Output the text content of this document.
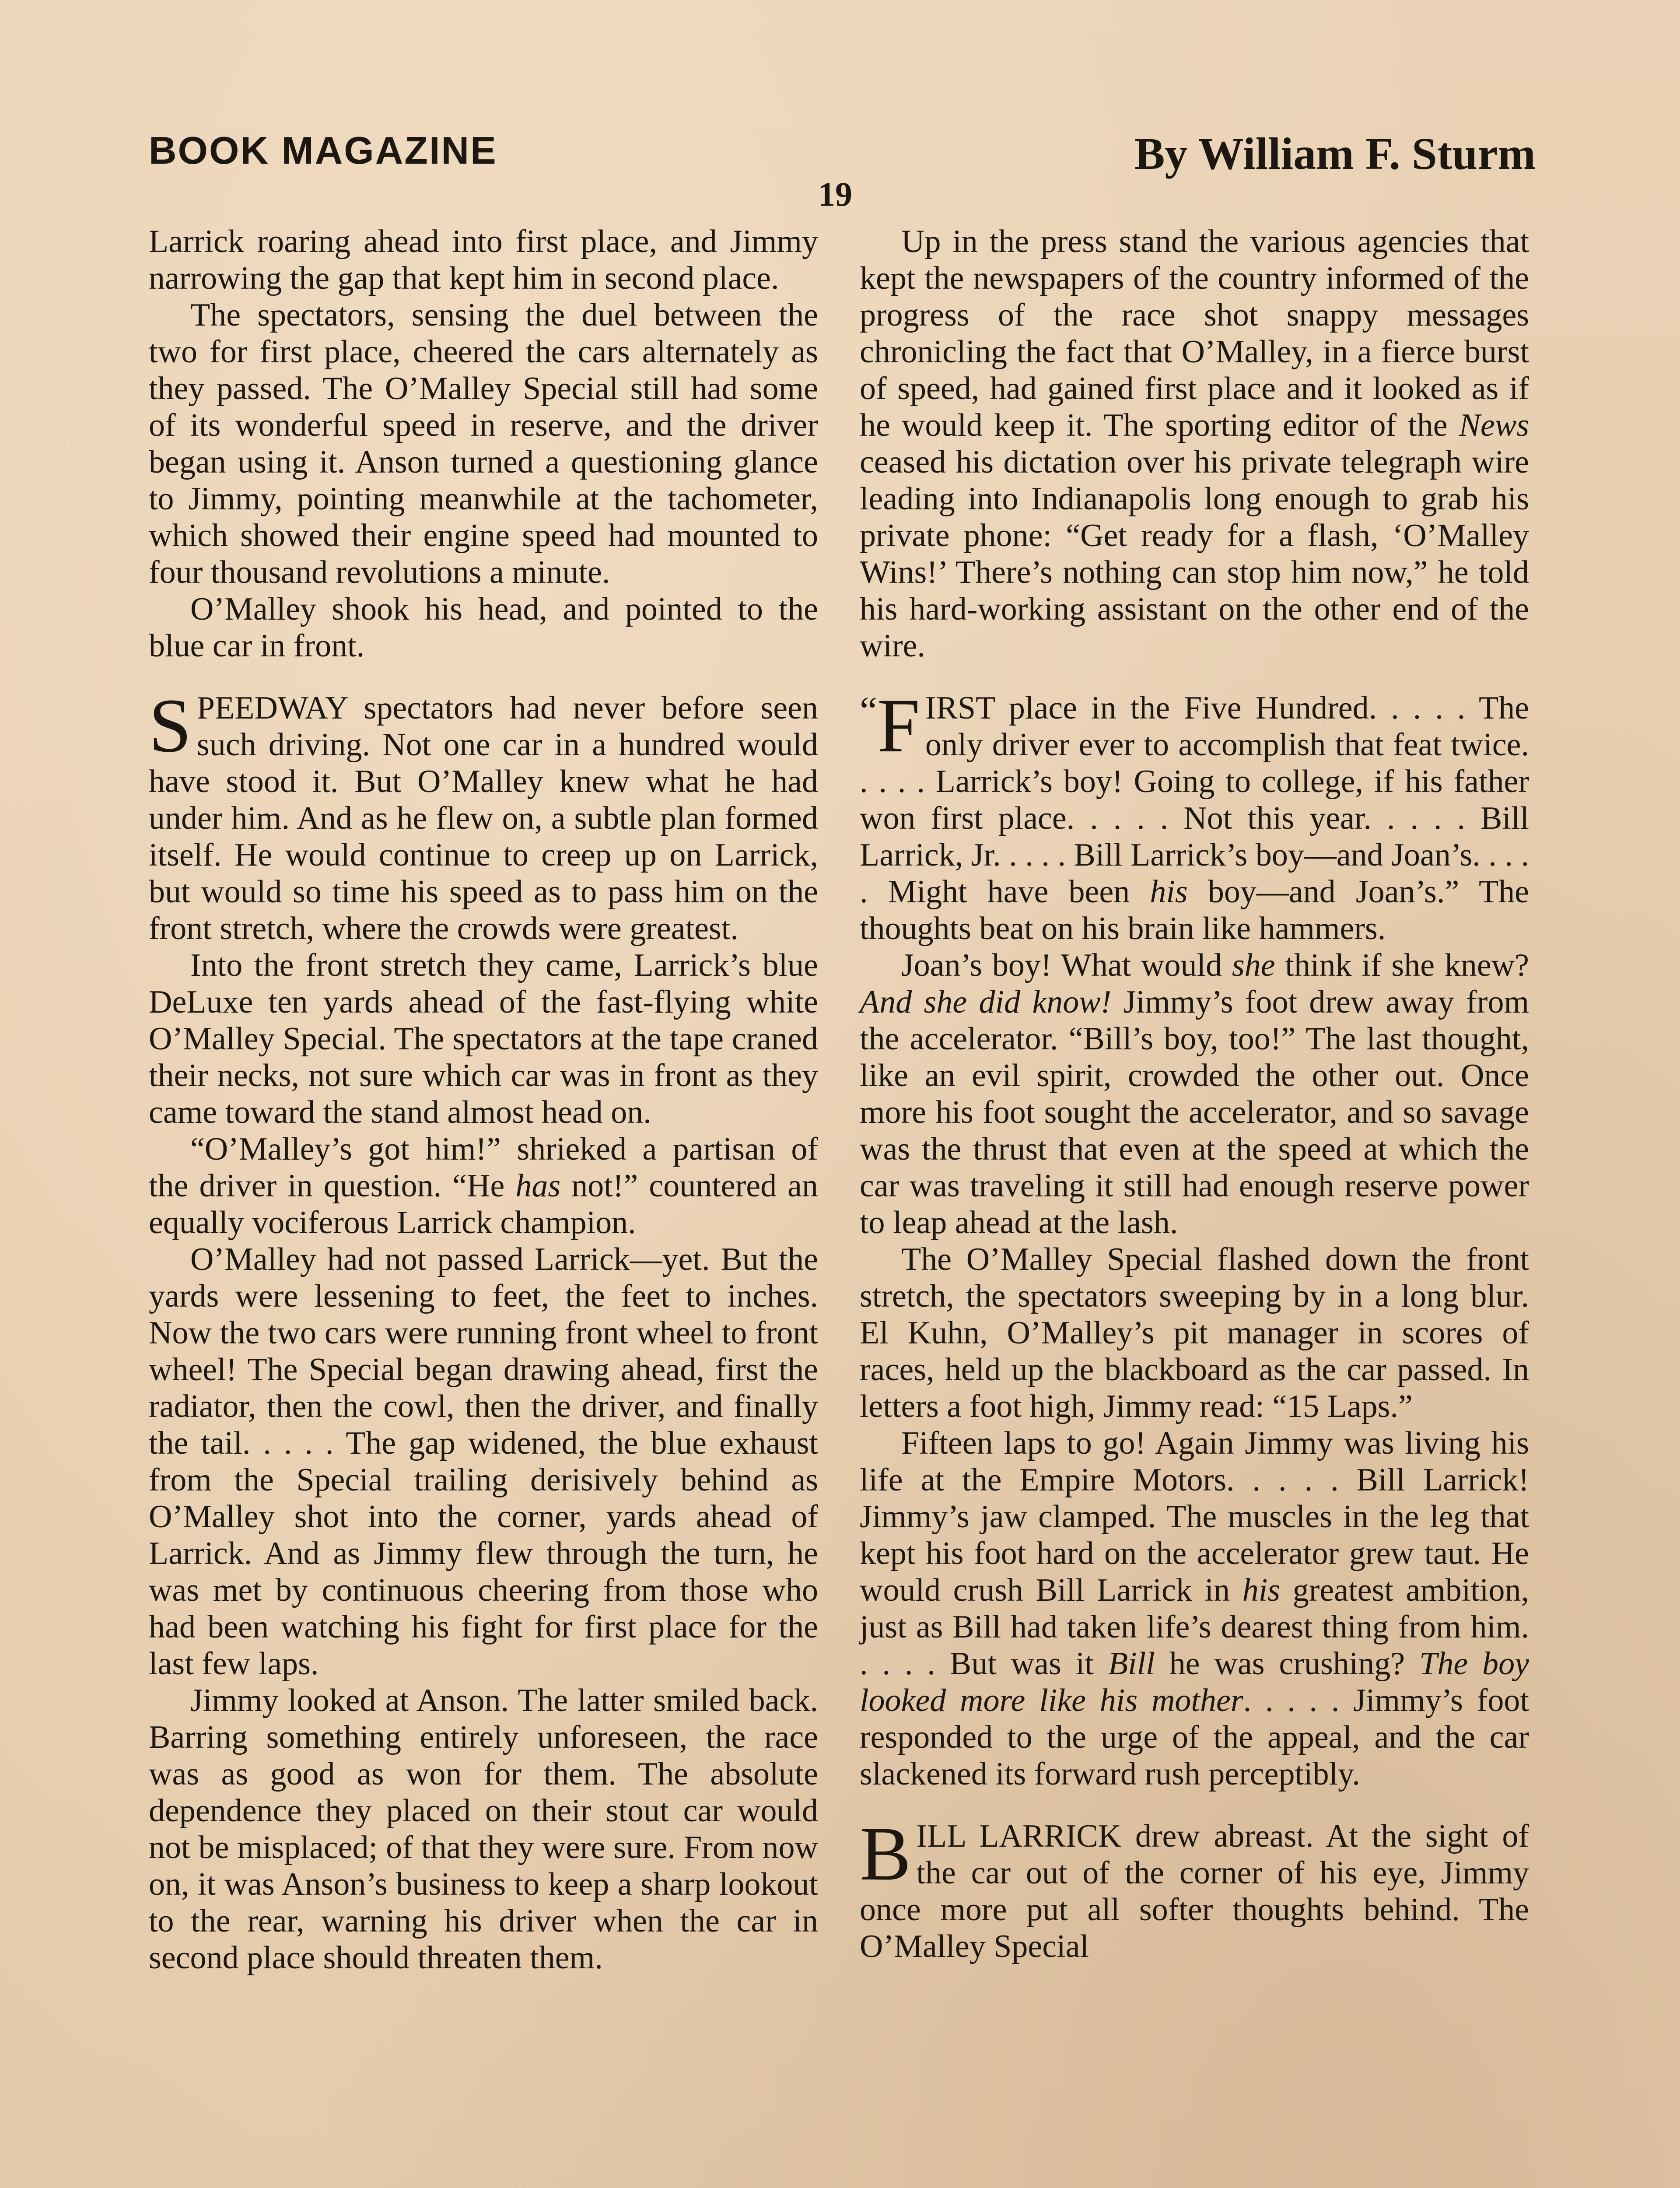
BOOK MAGAZINE	By William F. Sturm
19

Larrick roaring ahead into first place, and Jimmy narrowing the gap that kept him in second place.

The spectators, sensing the duel between the two for first place, cheered the cars alternately as they passed. The O’Malley Special still had some of its wonderful speed in reserve, and the driver began using it. Anson turned a questioning glance to Jimmy, pointing meanwhile at the tachometer, which showed their engine speed had mounted to four thousand revolutions a minute.

O’Malley shook his head, and pointed to the blue car in front.

SPEEDWAY spectators had never before seen such driving. Not one car in a hundred would have stood it. But O’Malley knew what he had under him. And as he flew on, a subtle plan formed itself. He would continue to creep up on Larrick, but would so time his speed as to pass him on the front stretch, where the crowds were greatest.

Into the front stretch they came, Larrick’s blue DeLuxe ten yards ahead of the fast-flying white O’Malley Special. The spectators at the tape craned their necks, not sure which car was in front as they came toward the stand almost head on.

“O’Malley’s got him!” shrieked a partisan of the driver in question. “He has not!” countered an equally vociferous Larrick champion.

O’Malley had not passed Larrick—yet. But the yards were lessening to feet, the feet to inches. Now the two cars were running front wheel to front wheel! The Special began drawing ahead, first the radiator, then the cowl, then the driver, and finally the tail. . . . . The gap widened, the blue exhaust from the Special trailing derisively behind as O’Malley shot into the corner, yards ahead of Larrick. And as Jimmy flew through the turn, he was met by continuous cheering from those who had been watching his fight for first place for the last few laps.

Jimmy looked at Anson. The latter smiled back. Barring something entirely unforeseen, the race was as good as won for them. The absolute dependence they placed on their stout car would not be misplaced; of that they were sure. From now on, it was Anson’s business to keep a sharp lookout to the rear, warning his driver when the car in second place should threaten them.

Up in the press stand the various agencies that kept the newspapers of the country informed of the progress of the race shot snappy messages chronicling the fact that O’Malley, in a fierce burst of speed, had gained first place and it looked as if he would keep it. The sporting editor of the News ceased his dictation over his private telegraph wire leading into Indianapolis long enough to grab his private phone: “Get ready for a flash, ‘O’Malley Wins!’ There’s nothing can stop him now,” he told his hard-working assistant on the other end of the wire.

“ F IRST place in the Five Hundred. . . . . The only driver ever to accomplish that feat twice. . . . . Larrick’s boy! Going to college, if his father won first place. . . . . Not this year. . . . . Bill Larrick, Jr. . . . . Bill Larrick’s boy—and Joan’s. . . . . Might have been his boy—and Joan’s.” The thoughts beat on his brain like hammers.

Joan’s boy! What would she think if she knew? And she did know! Jimmy’s foot drew away from the accelerator. “Bill’s boy, too!” The last thought, like an evil spirit, crowded the other out. Once more his foot sought the accelerator, and so savage was the thrust that even at the speed at which the car was traveling it still had enough reserve power to leap ahead at the lash.

The O’Malley Special flashed down the front stretch, the spectators sweeping by in a long blur. El Kuhn, O’Malley’s pit manager in scores of races, held up the blackboard as the car passed. In letters a foot high, Jimmy read: “15 Laps.”

Fifteen laps to go! Again Jimmy was living his life at the Empire Motors. . . . . Bill Larrick! Jimmy’s jaw clamped. The muscles in the leg that kept his foot hard on the accelerator grew taut. He would crush Bill Larrick in his greatest ambition, just as Bill had taken life’s dearest thing from him. . . . . But was it Bill he was crushing? The boy looked more like his mother. . . . . Jimmy’s foot responded to the urge of the appeal, and the car slackened its forward rush perceptibly.

BILL LARRICK drew abreast. At the sight of the car out of the corner of his eye, Jimmy once more put all softer thoughts behind. The O’Malley Special
